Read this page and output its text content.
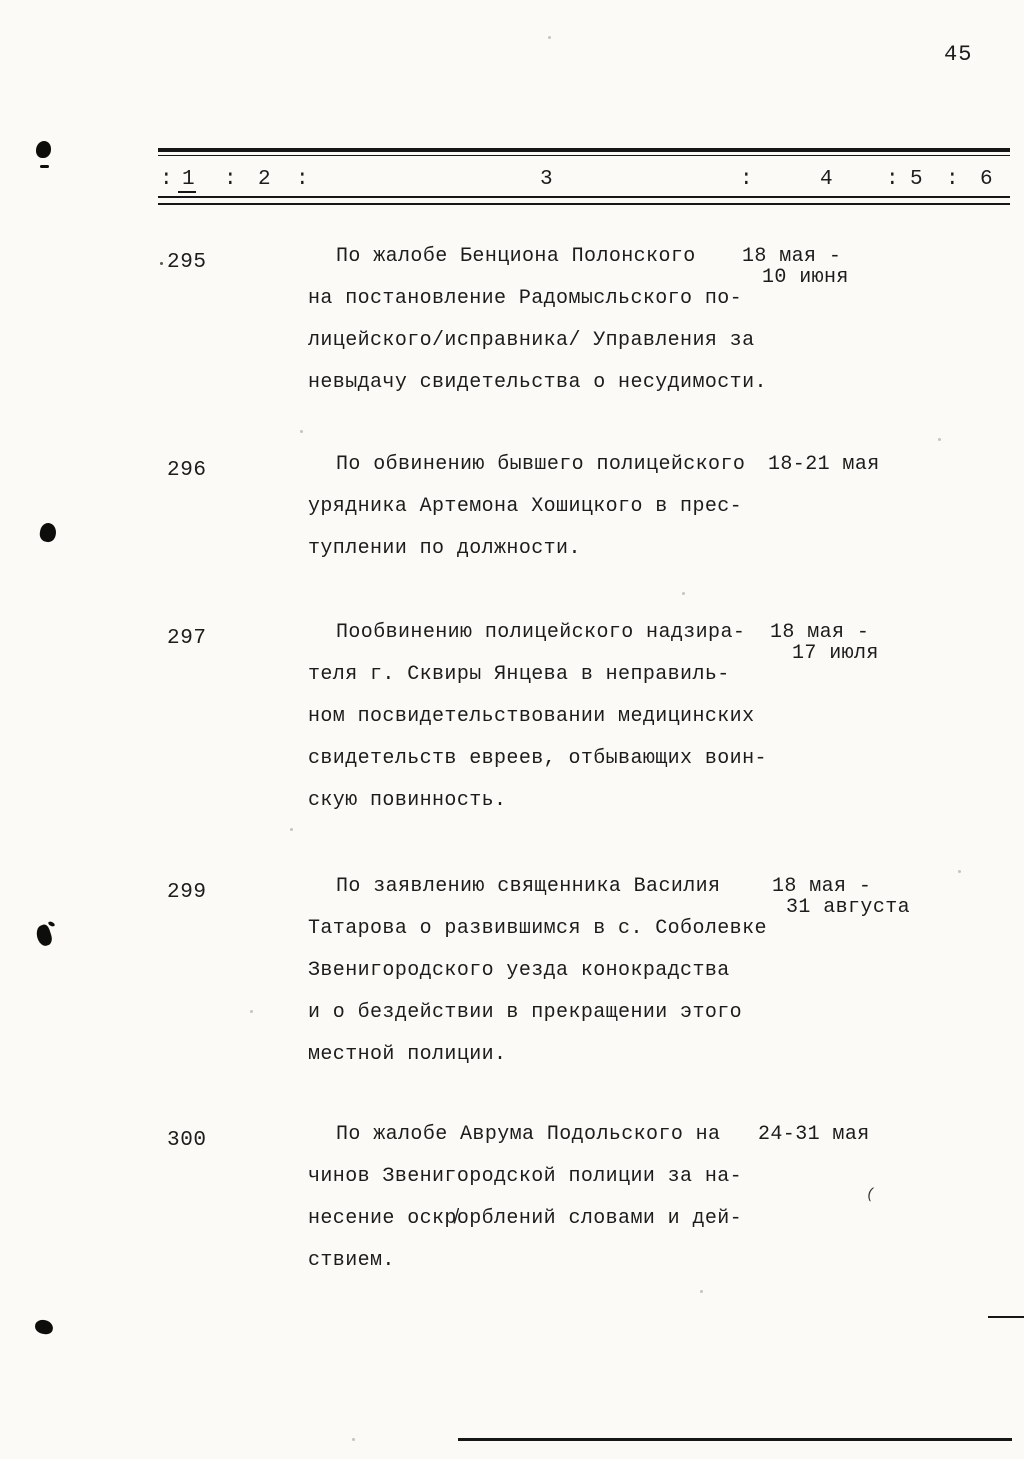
45
: 1 : 2 :	3	:	4	: 5 : 6
295	По жалобе Бенциона Полонского
на постановление Радомысльского по-
лицейского/исправника/ Управления за
невыдачу свидетельства о несудимости.
18 мая -
10 июня
296	По обвинению бывшего полицейского
урядника Артемона Хошицкого в прес-
туплении по должности.
18-21 мая
297	Пообвинению полицейского надзира-
теля г. Сквиры Янцева в неправиль-
ном посвидетельствовании медицинских
свидетельств евреев, отбывающих воин-
скую повинность.
18 мая -
17 июля
299	По заявлению священника Василия
Татарова о развившимся в с. Соболевке
Звенигородского уезда конокрадства
и о бездействии в прекращении этого
местной полиции.
18 мая -
31 августа
300	По жалобе Аврума Подольского на
чинов Звенигородской полиции за на-
несение оскр̸орблений словами и дей-
ствием.
24-31 мая
(
